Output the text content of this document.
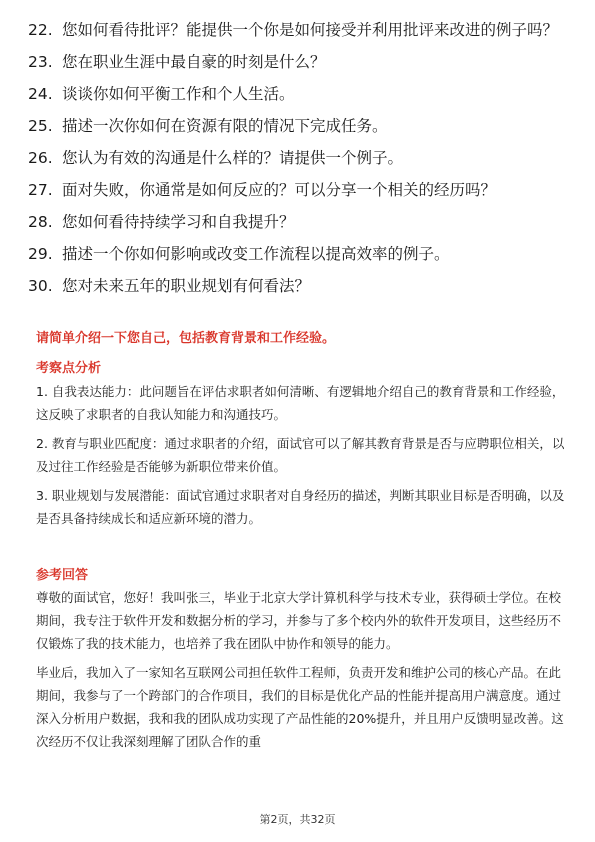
22. 您如何看待批评？能提供一个你是如何接受并利用批评来改进的例子吗？
23. 您在职业生涯中最自豪的时刻是什么？
24. 谈谈你如何平衡工作和个人生活。
25. 描述一次你如何在资源有限的情况下完成任务。
26. 您认为有效的沟通是什么样的？请提供一个例子。
27. 面对失败，你通常是如何反应的？可以分享一个相关的经历吗？
28. 您如何看待持续学习和自我提升？
29. 描述一个你如何影响或改变工作流程以提高效率的例子。
30. 您对未来五年的职业规划有何看法？
请简单介绍一下您自己，包括教育背景和工作经验。
考察点分析

1. 自我表达能力：此问题旨在评估求职者如何清晰、有逻辑地介绍自己的教育背景和工作经验，这反映了求职者的自我认知能力和沟通技巧。

2. 教育与职业匹配度：通过求职者的介绍，面试官可以了解其教育背景是否与应聘职位相关，以及过往工作经验是否能够为新职位带来价值。

3. 职业规划与发展潜能：面试官通过求职者对自身经历的描述，判断其职业目标是否明确，以及是否具备持续成长和适应新环境的潜力。

参考回答

尊敬的面试官，您好！我叫张三，毕业于北京大学计算机科学与技术专业，获得硕士学位。在校期间，我专注于软件开发和数据分析的学习，并参与了多个校内外的软件开发项目，这些经历不仅锻炼了我的技术能力，也培养了我在团队中协作和领导的能力。

毕业后，我加入了一家知名互联网公司担任软件工程师，负责开发和维护公司的核心产品。在此期间，我参与了一个跨部门的合作项目，我们的目标是优化产品的性能并提高用户满意度。通过深入分析用户数据，我和我的团队成功实现了产品性能的20%提升，并且用户反馈明显改善。这次经历不仅让我深刻理解了团队合作的重

第2页，共32页
